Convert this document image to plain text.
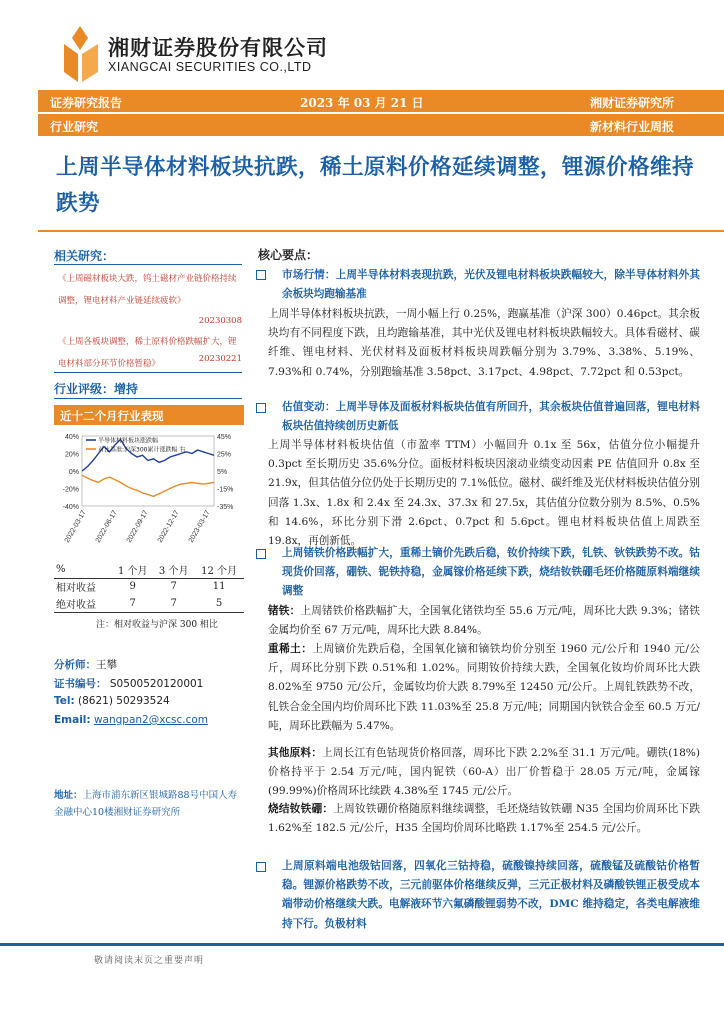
湘财证券股份有限公司
XIANGCAI SECURITIES CO.,LTD
证券研究报告	2023 年 03 月 21 日	湘财证券研究所
行业研究	新材料行业周报
上周半导体材料板块抗跌，稀土原料价格延续调整，锂源价格维持跌势
相关研究：
《上周磁材板块大跌，钨土磁材产业链价格持续调整，锂电材料产业链延续疲软》
20230308
《上周各板块调整，稀土原料价格跌幅扩大，锂电材料部分环节价格暂稳》	20230221
行业评级：增持
近十二个月行业表现
40%
20%
0%
-20%
-40%
45%
25%
5%
-15%
-35%
半导体材料板块涨跌幅
对比基准:沪深300累计涨跌幅 右
2022-03-17 2022-06-17 2022-09-17 2022-12-17 2023-03-17
%	1 个月	3 个月	12 个月
相对收益	9	7	11
绝对收益	7	7	5
注：相对收益与沪深 300 相比
分析师：王攀
证书编号： S0500520120001
Tel: (8621) 50293524
Email: wangpan2@xcsc.com
地址：上海市浦东新区银城路88号中国人寿金融中心10楼湘财证券研究所
核心要点：
市场行情：上周半导体材料表现抗跌，光伏及锂电材料板块跌幅较大，除半导体材料外其余板块均跑输基准
上周半导体材料板块抗跌，一周小幅上行 0.25%，跑赢基准（沪深 300）0.46pct。其余板块均有不同程度下跌，且均跑输基准，其中光伏及锂电材料板块跌幅较大。具体看磁材、碳纤维、锂电材料、光伏材料及面板材料板块周跌幅分别为 3.79%、3.38%、5.19%、7.93%和 0.74%，分别跑输基准 3.58pct、3.17pct、4.98pct、7.72pct 和 0.53pct。
估值变动：上周半导体及面板材料板块估值有所回升，其余板块估值普遍回落，锂电材料板块估值持续创历史新低
上周半导体材料板块估值（市盈率 TTM）小幅回升 0.1x 至 56x，估值分位小幅提升 0.3pct 至长期历史 35.6%分位。面板材料板块因滚动业绩变动因素 PE 估值回升 0.8x 至 21.9x，但其估值分位仍处于长期历史的 7.1%低位。磁材、碳纤维及光伏材料板块估值分别回落 1.3x、1.8x 和 2.4x 至 24.3x、37.3x 和 27.5x，其估值分位数分别为 8.5%、0.5%和 14.6%，环比分别下滑 2.6pct、0.7pct 和 5.6pct。锂电材料板块估值上周跌至 19.8x，再创新低。
上周锗铁价格跌幅扩大，重稀土镝价先跌后稳，钕价持续下跌，钆铁、钬铁跌势不改。钴现货价回落，硼铁、铌铁持稳，金属镓价格延续下跌，烧结钕铁硼毛坯价格随原料端继续调整
锗铁：上周锗铁价格跌幅扩大，全国氧化锗铁均至 55.6 万元/吨，周环比大跌 9.3%；锗铁金属均价至 67 万元/吨，周环比大跌 8.84%。
重稀土：上周镝价先跌后稳，全国氧化镝和镝铁均价分别至 1960 元/公斤和 1940 元/公斤，周环比分别下跌 0.51%和 1.02%。同期钕价持续大跌，全国氧化钕均价周环比大跌 8.02%至 9750 元/公斤，金属钕均价大跌 8.79%至 12450 元/公斤。上周钆铁跌势不改，钆铁合金全国内均价周环比下跌 11.03%至 25.8 万元/吨；同期国内钬铁合金至 60.5 万元/吨，周环比跌幅为 5.47%。
其他原料：上周长江有色钴现货价格回落，周环比下跌 2.2%至 31.1 万元/吨。硼铁(18%)价格持平于 2.54 万元/吨，国内铌铁（60-A）出厂价暂稳于 28.05 万元/吨，金属镓(99.99%)价格周环比续跌 4.38%至 1745 元/公斤。
烧结钕铁硼：上周钕铁硼价格随原料继续调整，毛坯烧结钕铁硼 N35 全国均价周环比下跌 1.62%至 182.5 元/公斤，H35 全国均价周环比略跌 1.17%至 254.5 元/公斤。
上周原料端电池级钴回落，四氧化三钴持稳，硫酸镍持续回落，硫酸锰及硫酸钴价格暂稳。锂源价格跌势不改，三元前驱体价格继续反弹，三元正极材料及磷酸铁锂正极受成本端带动价格继续大跌。电解液环节六氟磷酸锂弱势不改，DMC 维持稳定，各类电解液维持下行。负极材料
敬请阅读末页之重要声明
